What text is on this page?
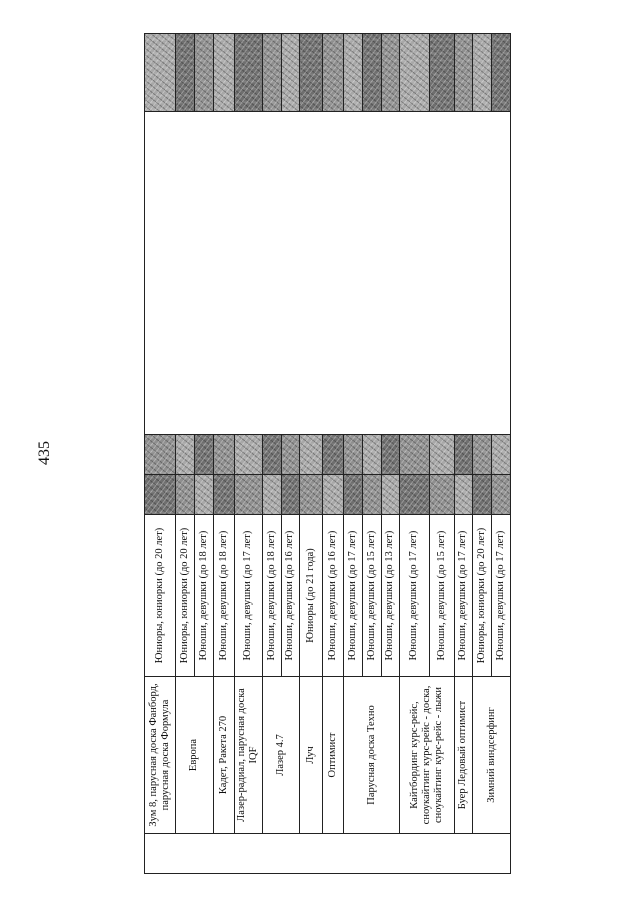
435
	Зум 8, парусная доска Фанборд, парусная доска Формула	Юниоры, юниорки (до 20 лет)				
	Европа	Юниоры, юниорки (до 20 лет)				
		Юноши, девушки (до 18 лет)				
	Кадет, Ракета 270	Юноши, девушки (до 18 лет)				
	Лазер-радиал, парусная доска IQF	Юноши, девушки (до 17 лет)				
	Лазер 4.7	Юноши, девушки (до 18 лет)				
		Юноши, девушки (до 16 лет)				
	Луч	Юниоры (до 21 года)				
	Оптимист	Юноши, девушки (до 16 лет)				
	Парусная доска Техно	Юноши, девушки (до 17 лет)				
		Юноши, девушки (до 15 лет)				
		Юноши, девушки (до 13 лет)				
	Кайтбординг курс-рейс, сноукайтинг курс-рейс - доска, сноукайтинг курс-рейс - лыжи	Юноши, девушки (до 17 лет)				
		Юноши, девушки (до 15 лет)				
	Буер Ледовый оптимист	Юноши, девушки (до 17 лет)				
	Зимний виндсерфинг	Юниоры, юниорки (до 20 лет)				
		Юноши, девушки (до 17 лет)				
